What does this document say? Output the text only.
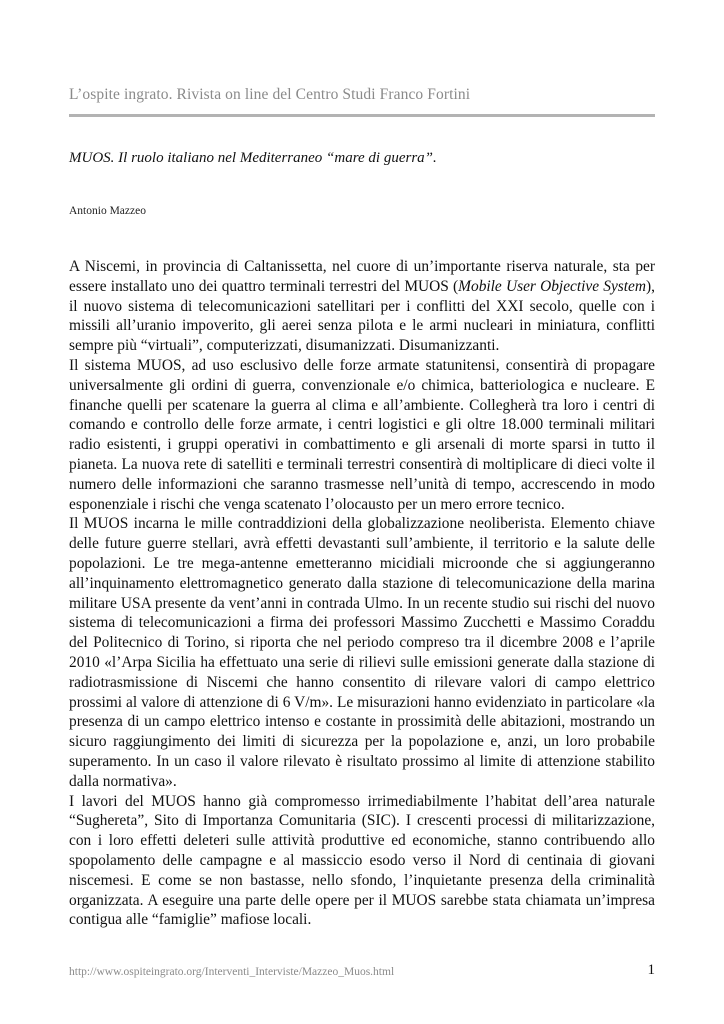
L’ospite ingrato. Rivista on line del Centro Studi Franco Fortini
MUOS. Il ruolo italiano nel Mediterraneo “mare di guerra”.
Antonio Mazzeo

A Niscemi, in provincia di Caltanissetta, nel cuore di un’importante riserva naturale, sta per essere installato uno dei quattro terminali terrestri del MUOS (Mobile User Objective System), il nuovo sistema di telecomunicazioni satellitari per i conflitti del XXI secolo, quelle con i missili all’uranio impoverito, gli aerei senza pilota e le armi nucleari in miniatura, conflitti sempre più “virtuali”, computerizzati, disumanizzati. Disumanizzanti.

Il sistema MUOS, ad uso esclusivo delle forze armate statunitensi, consentirà di propagare universalmente gli ordini di guerra, convenzionale e/o chimica, batteriologica e nucleare. E finanche quelli per scatenare la guerra al clima e all’ambiente. Collegherà tra loro i centri di comando e controllo delle forze armate, i centri logistici e gli oltre 18.000 terminali militari radio esistenti, i gruppi operativi in combattimento e gli arsenali di morte sparsi in tutto il pianeta. La nuova rete di satelliti e terminali terrestri consentirà di moltiplicare di dieci volte il numero delle informazioni che saranno trasmesse nell’unità di tempo, accrescendo in modo esponenziale i rischi che venga scatenato l’olocausto per un mero errore tecnico.

Il MUOS incarna le mille contraddizioni della globalizzazione neoliberista. Elemento chiave delle future guerre stellari, avrà effetti devastanti sull’ambiente, il territorio e la salute delle popolazioni. Le tre mega-antenne emetteranno micidiali microonde che si aggiungeranno all’inquinamento elettromagnetico generato dalla stazione di telecomunicazione della marina militare USA presente da vent’anni in contrada Ulmo. In un recente studio sui rischi del nuovo sistema di telecomunicazioni a firma dei professori Massimo Zucchetti e Massimo Coraddu del Politecnico di Torino, si riporta che nel periodo compreso tra il dicembre 2008 e l’aprile 2010 «l’Arpa Sicilia ha effettuato una serie di rilievi sulle emissioni generate dalla stazione di radiotrasmissione di Niscemi che hanno consentito di rilevare valori di campo elettrico prossimi al valore di attenzione di 6 V/m». Le misurazioni hanno evidenziato in particolare «la presenza di un campo elettrico intenso e costante in prossimità delle abitazioni, mostrando un sicuro raggiungimento dei limiti di sicurezza per la popolazione e, anzi, un loro probabile superamento. In un caso il valore rilevato è risultato prossimo al limite di attenzione stabilito dalla normativa».

I lavori del MUOS hanno già compromesso irrimediabilmente l’habitat dell’area naturale “Sughereta”, Sito di Importanza Comunitaria (SIC). I crescenti processi di militarizzazione, con i loro effetti deleteri sulle attività produttive ed economiche, stanno contribuendo allo spopolamento delle campagne e al massiccio esodo verso il Nord di centinaia di giovani niscemesi. E come se non bastasse, nello sfondo, l’inquietante presenza della criminalità organizzata. A eseguire una parte delle opere per il MUOS sarebbe stata chiamata un’impresa contigua alle “famiglie” mafiose locali.

http://www.ospiteingrato.org/Interventi_Interviste/Mazzeo_Muos.html	1
